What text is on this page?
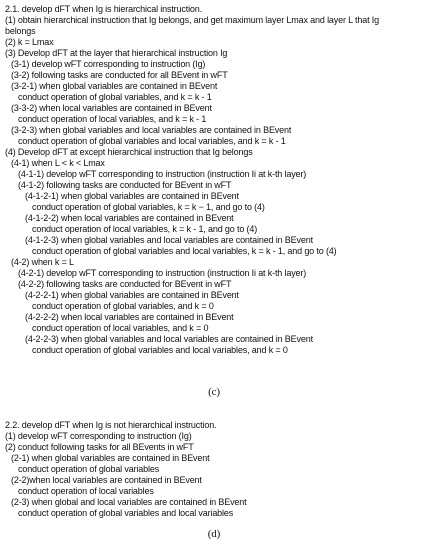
2.1. develop dFT when Ig is hierarchical instruction.
(1) obtain hierarchical instruction that Ig belongs, and get maximum layer Lmax and layer L that Ig
belongs
(2) k = Lmax
(3) Develop dFT at the layer that hierarchical instruction Ig
(3-1) develop wFT corresponding to instruction (Ig)
(3-2) following tasks are conducted for all BEvent in wFT
(3-2-1) when global variables are contained in BEvent
conduct operation of global variables, and k = k - 1
(3-3-2) when local variables are contained in BEvent
conduct operation of local variables, and k = k - 1
(3-2-3) when global variables and local variables are contained in BEvent
conduct operation of global variables and local variables, and k = k - 1
(4) Develop dFT at except hierarchical instruction that Ig belongs
(4-1) when L < k < Lmax
(4-1-1) develop wFT corresponding to instruction (instruction Ii at k-th layer)
(4-1-2) following tasks are conducted for BEvent in wFT
(4-1-2-1) when global variables are contained in BEvent
conduct operation of global variables, k = k − 1, and go to (4)
(4-1-2-2) when local variables are contained in BEvent
conduct operation of local variables, k = k - 1, and go to (4)
(4-1-2-3) when global variables and local variables are contained in BEvent
conduct operation of global variables and local variables, k = k - 1, and go to (4)
(4-2) when k = L
(4-2-1) develop wFT corresponding to instruction (instruction Ii at k-th layer)
(4-2-2) following tasks are conducted for BEvent in wFT
(4-2-2-1) when global variables are contained in BEvent
conduct operation of global variables, and k = 0
(4-2-2-2) when local variables are contained in BEvent
conduct operation of local variables, and k = 0
(4-2-2-3) when global variables and local variables are contained in BEvent
conduct operation of global variables and local variables, and k = 0
(c)
2.2. develop dFT when Ig is not hierarchical instruction.
(1) develop wFT corresponding to instruction (Ig)
(2) conduct following tasks for all BEvents in wFT
(2-1) when global variables are contained in BEvent
conduct operation of global variables
(2-2)when local variables are contained in BEvent
conduct operation of local variables
(2-3) when global and local variables are contained in BEvent
conduct operation of global variables and local variables
(d)
